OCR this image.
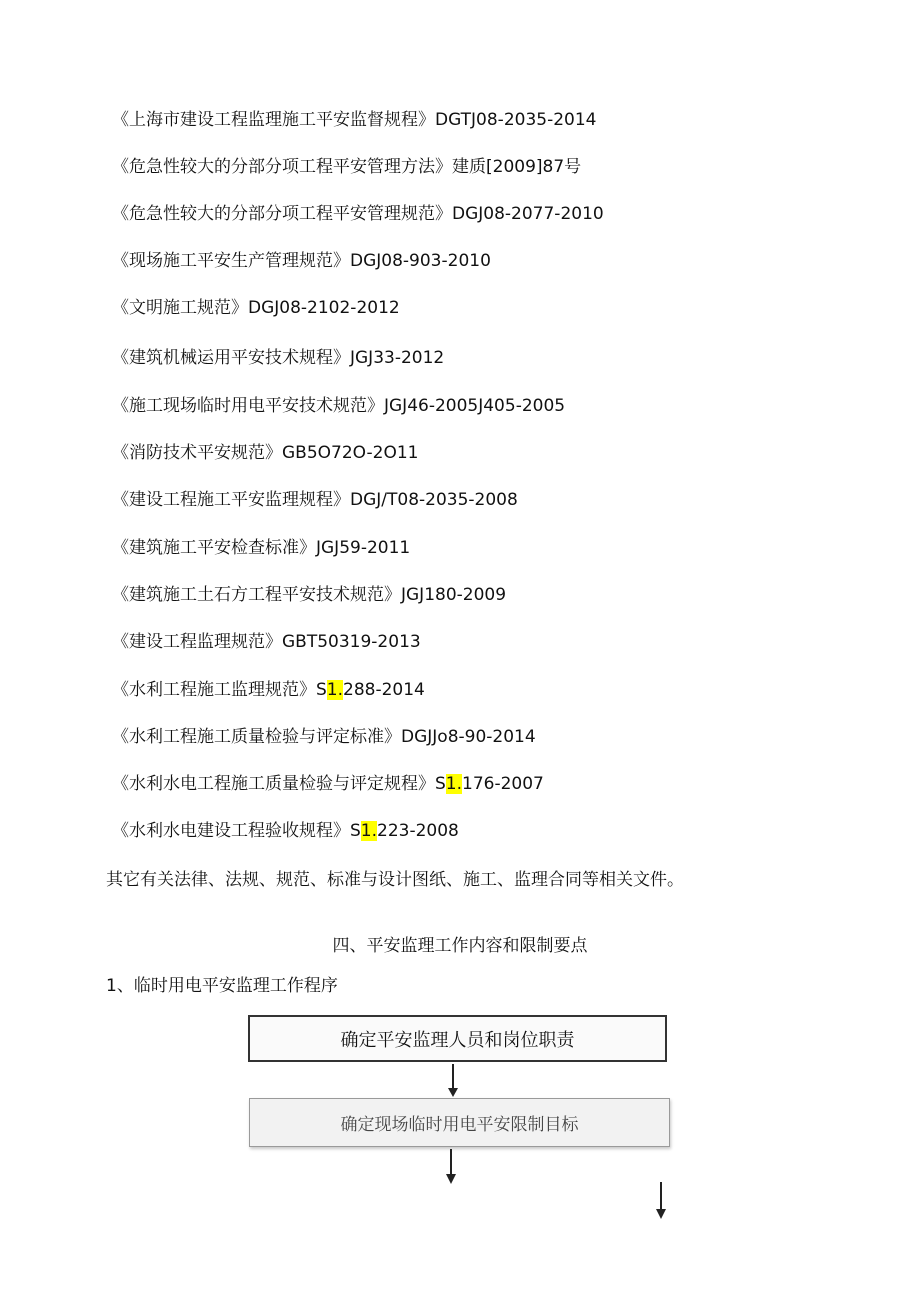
《上海市建设工程监理施工平安监督规程》DGTJ08-2035-2014
《危急性较大的分部分项工程平安管理方法》建质[2009]87号
《危急性较大的分部分项工程平安管理规范》DGJ08-2077-2010
《现场施工平安生产管理规范》DGJ08-903-2010
《文明施工规范》DGJ08-2102-2012
《建筑机械运用平安技术规程》JGJ33-2012
《施工现场临时用电平安技术规范》JGJ46-2005J405-2005
《消防技术平安规范》GB5O72O-2O11
《建设工程施工平安监理规程》DGJ/T08-2035-2008
《建筑施工平安检查标准》JGJ59-2011
《建筑施工土石方工程平安技术规范》JGJ180-2009
《建设工程监理规范》GBT50319-2013
《水利工程施工监理规范》S1.288-2014
《水利工程施工质量检验与评定标准》DGJJo8-90-2014
《水利水电工程施工质量检验与评定规程》S1.176-2007
《水利水电建设工程验收规程》S1.223-2008
其它有关法律、法规、规范、标准与设计图纸、施工、监理合同等相关文件。
四、平安监理工作内容和限制要点
1、临时用电平安监理工作程序
确定平安监理人员和岗位职责
确定现场临时用电平安限制目标
